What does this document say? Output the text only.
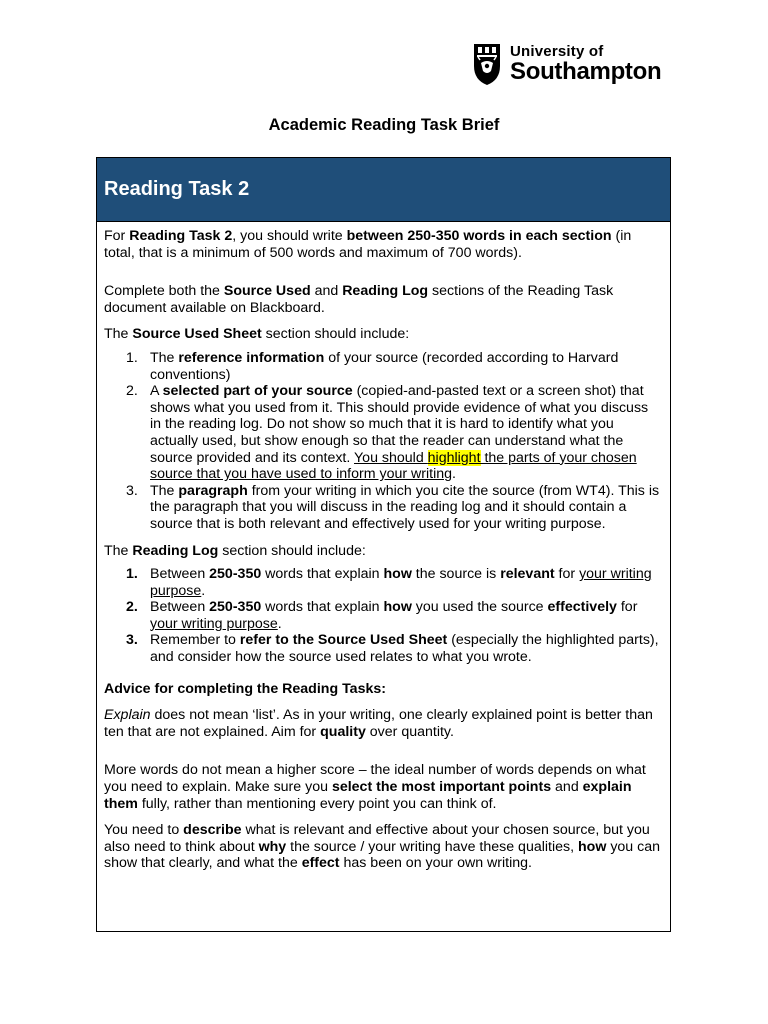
University of
Southampton
Academic Reading Task Brief
Reading Task 2

For Reading Task 2, you should write between 250-350 words in each section (in total, that is a minimum of 500 words and maximum of 700 words).

Complete both the Source Used and Reading Log sections of the Reading Task document available on Blackboard.

The Source Used Sheet section should include:

1. The reference information of your source (recorded according to Harvard conventions)
2. A selected part of your source (copied-and-pasted text or a screen shot) that shows what you used from it. This should provide evidence of what you discuss in the reading log. Do not show so much that it is hard to identify what you actually used, but show enough so that the reader can understand what the source provided and its context. You should highlight the parts of your chosen source that you have used to inform your writing.
3. The paragraph from your writing in which you cite the source (from WT4). This is the paragraph that you will discuss in the reading log and it should contain a source that is both relevant and effectively used for your writing purpose.

The Reading Log section should include:

1. Between 250-350 words that explain how the source is relevant for your writing purpose.
2. Between 250-350 words that explain how you used the source effectively for your writing purpose.
3. Remember to refer to the Source Used Sheet (especially the highlighted parts), and consider how the source used relates to what you wrote.

Advice for completing the Reading Tasks:

Explain does not mean ‘list’. As in your writing, one clearly explained point is better than ten that are not explained. Aim for quality over quantity.

More words do not mean a higher score – the ideal number of words depends on what you need to explain. Make sure you select the most important points and explain them fully, rather than mentioning every point you can think of.

You need to describe what is relevant and effective about your chosen source, but you also need to think about why the source / your writing have these qualities, how you can show that clearly, and what the effect has been on your own writing.
